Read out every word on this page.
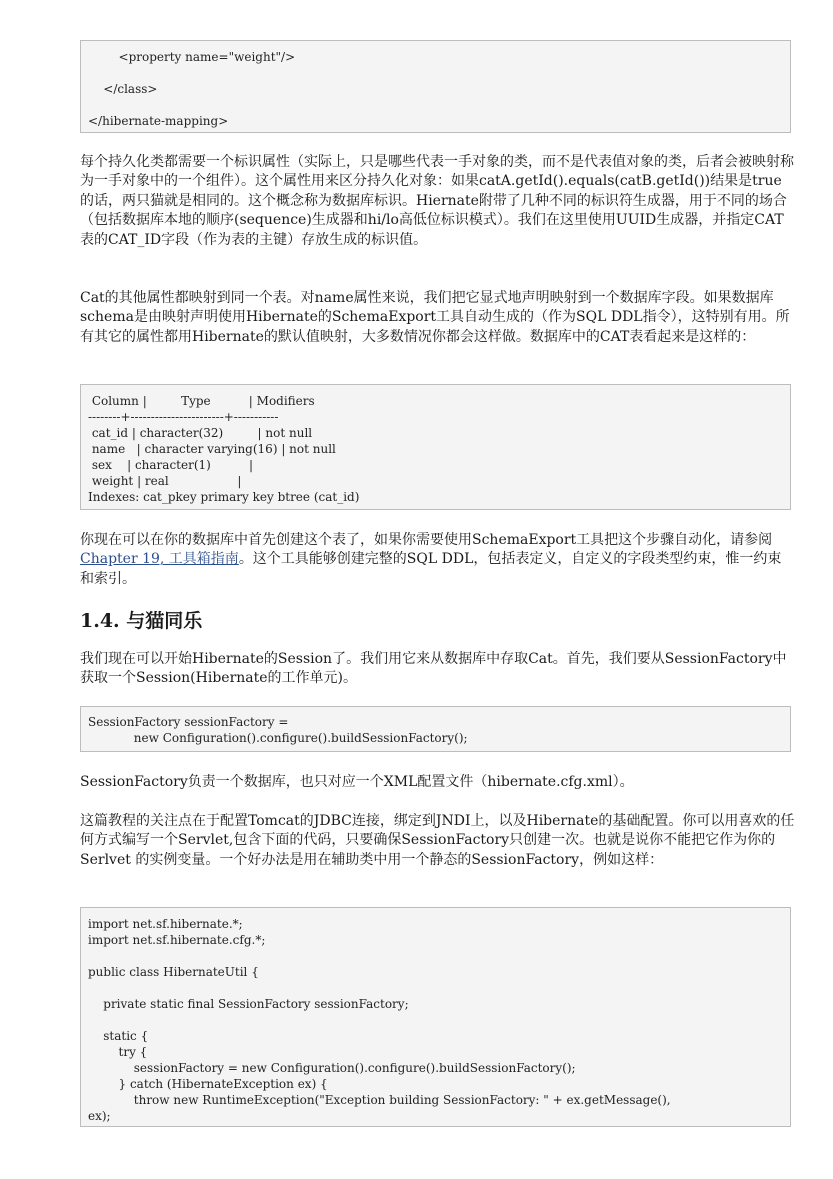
<property name="weight"/>
</class>
</hibernate-mapping>

每个持久化类都需要一个标识属性（实际上，只是哪些代表一手对象的类，而不是代表值对象的类，后者会被映射称为一手对象中的一个组件）。这个属性用来区分持久化对象：如果catA.getId().equals(catB.getId())结果是true的话，两只猫就是相同的。这个概念称为数据库标识。Hiernate附带了几种不同的标识符生成器，用于不同的场合（包括数据库本地的顺序(sequence)生成器和hi/lo高低位标识模式）。我们在这里使用UUID生成器，并指定CAT表的CAT_ID字段（作为表的主键）存放生成的标识值。

Cat的其他属性都映射到同一个表。对name属性来说，我们把它显式地声明映射到一个数据库字段。如果数据库schema是由映射声明使用Hibernate的SchemaExport工具自动生成的（作为SQL DDL指令），这特别有用。所有其它的属性都用Hibernate的默认值映射，大多数情况你都会这样做。数据库中的CAT表看起来是这样的：

Column |         Type          | Modifiers
--------+-----------------------+-----------
cat_id | character(32)         | not null
name   | character varying(16) | not null
sex    | character(1)          |
weight | real                  |
Indexes: cat_pkey primary key btree (cat_id)

你现在可以在你的数据库中首先创建这个表了，如果你需要使用SchemaExport工具把这个步骤自动化，请参阅Chapter 19, 工具箱指南。这个工具能够创建完整的SQL DDL，包括表定义，自定义的字段类型约束，惟一约束和索引。

1.4. 与猫同乐

我们现在可以开始Hibernate的Session了。我们用它来从数据库中存取Cat。首先，我们要从SessionFactory中获取一个Session(Hibernate的工作单元)。

SessionFactory sessionFactory =
new Configuration().configure().buildSessionFactory();

SessionFactory负责一个数据库，也只对应一个XML配置文件（hibernate.cfg.xml）。

这篇教程的关注点在于配置Tomcat的JDBC连接，绑定到JNDI上，以及Hibernate的基础配置。你可以用喜欢的任何方式编写一个Servlet,包含下面的代码，只要确保SessionFactory只创建一次。也就是说你不能把它作为你的Serlvet 的实例变量。一个好办法是用在辅助类中用一个静态的SessionFactory，例如这样：

import net.sf.hibernate.*;
import net.sf.hibernate.cfg.*;
public class HibernateUtil {
private static final SessionFactory sessionFactory;
static {
try {
sessionFactory = new Configuration().configure().buildSessionFactory();
} catch (HibernateException ex) {
throw new RuntimeException("Exception building SessionFactory: " + ex.getMessage(),
ex);
